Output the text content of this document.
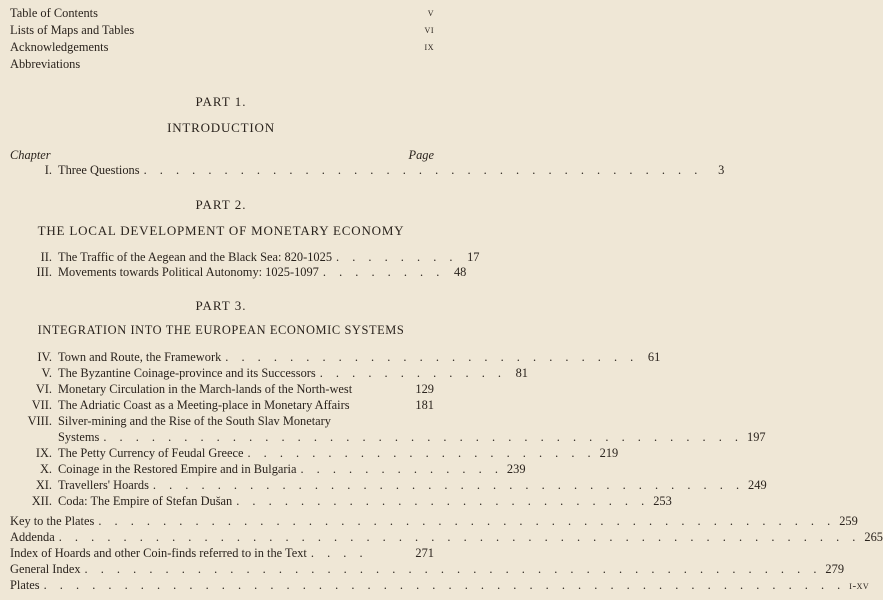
Table of Contents	v
Lists of Maps and Tables	vi
Acknowledgements	ix
Abbreviations
PART 1.
INTRODUCTION
Chapter	Page
I. Three Questions . . . . . . . . . . . . . . . . . . . . . . . . . . . . . . . . . . .	3
PART 2.
THE LOCAL DEVELOPMENT OF MONETARY ECONOMY
II. The Traffic of the Aegean and the Black Sea: 820-1025 . . . . . . . . 17
III. Movements towards Political Autonomy: 1025-1097 . . . . . . . . 48
PART 3.
INTEGRATION INTO THE EUROPEAN ECONOMIC SYSTEMS
IV. Town and Route, the Framework . . . . . . . . . . . . . . . . . . . . . . . . . . 61
V. The Byzantine Coinage-province and its Successors . . . . . . . . . . . . 81
VI. Monetary Circulation in the March-lands of the North-west	129
VII. The Adriatic Coast as a Meeting-place in Monetary Affairs	181
VIII. Silver-mining and the Rise of the South Slav Monetary
Systems . . . . . . . . . . . . . . . . . . . . . . . . . . . . . . . . . . . . . . . . 197
IX. The Petty Currency of Feudal Greece . . . . . . . . . . . . . . . . . . . . . . 219
X. Coinage in the Restored Empire and in Bulgaria . . . . . . . . . . . . . 239
XI. Travellers' Hoards . . . . . . . . . . . . . . . . . . . . . . . . . . . . . . . . . . . . . 249
XII. Coda: The Empire of Stefan Dušan . . . . . . . . . . . . . . . . . . . . . . . . . . 253
Key to the Plates . . . . . . . . . . . . . . . . . . . . . . . . . . . . . . . . . . . . . . . . . . . . . . 259
Addenda . . . . . . . . . . . . . . . . . . . . . . . . . . . . . . . . . . . . . . . . . . . . . . . . . . 265
Index of Hoards and other Coin-finds referred to in the Text . . . .	271
General Index . . . . . . . . . . . . . . . . . . . . . . . . . . . . . . . . . . . . . . . . . . . . . . 279
Plates . . . . . . . . . . . . . . . . . . . . . . . . . . . . . . . . . . . . . . . . . . . . . . . . . . i-xv
